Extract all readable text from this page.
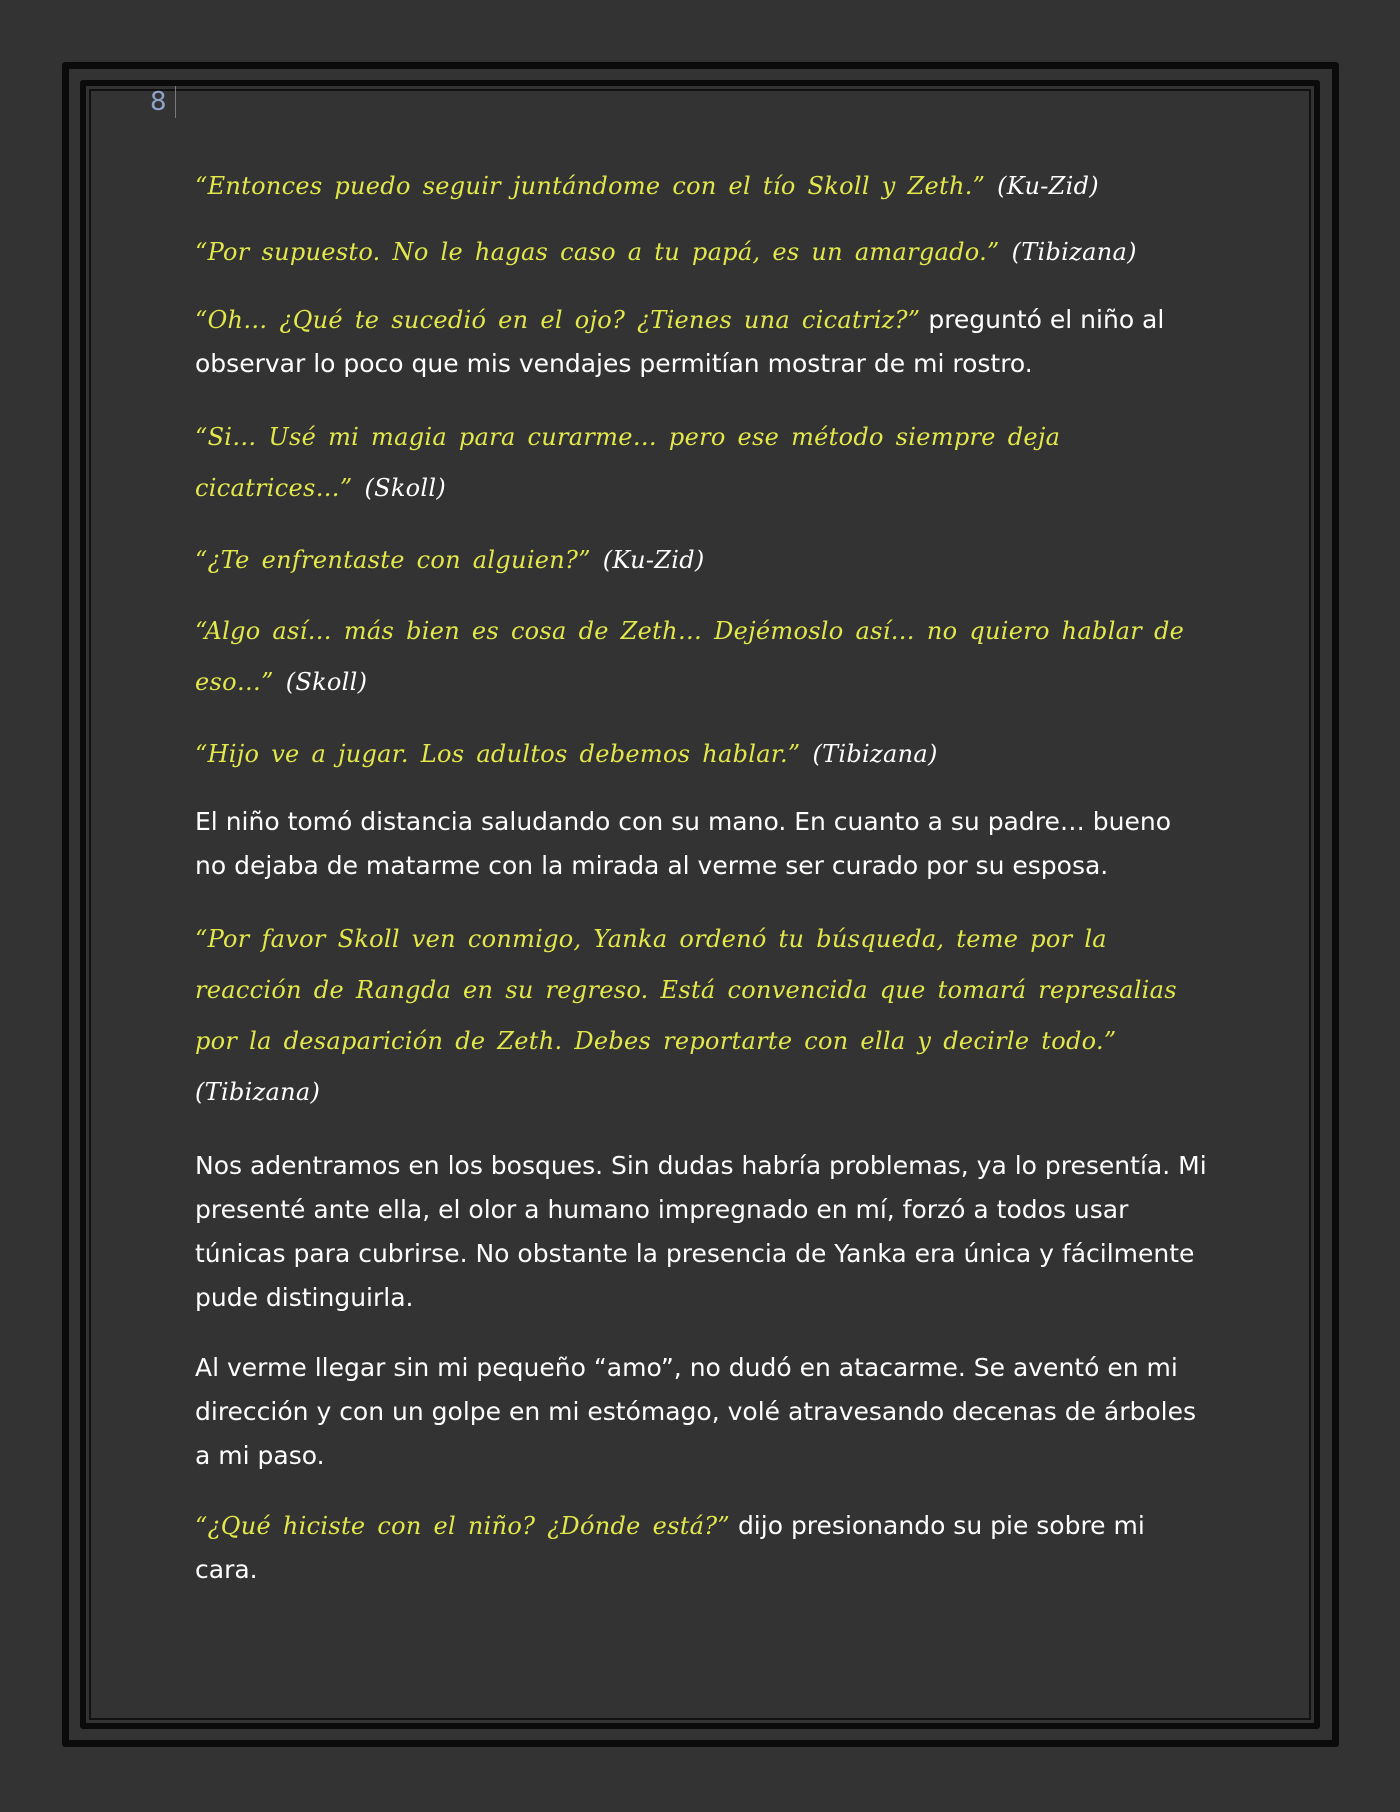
8

“Entonces puedo seguir juntándome con el tío Skoll y Zeth.” (Ku-Zid)

“Por supuesto. No le hagas caso a tu papá, es un amargado.” (Tibizana)

“Oh… ¿Qué te sucedió en el ojo? ¿Tienes una cicatriz?” preguntó el niño al observar lo poco que mis vendajes permitían mostrar de mi rostro.

“Si… Usé mi magia para curarme… pero ese método siempre deja cicatrices…” (Skoll)

“¿Te enfrentaste con alguien?” (Ku-Zid)

“Algo así… más bien es cosa de Zeth… Dejémoslo así… no quiero hablar de eso…” (Skoll)

“Hijo ve a jugar. Los adultos debemos hablar.” (Tibizana)

El niño tomó distancia saludando con su mano. En cuanto a su padre… bueno no dejaba de matarme con la mirada al verme ser curado por su esposa.

“Por favor Skoll ven conmigo, Yanka ordenó tu búsqueda, teme por la reacción de Rangda en su regreso. Está convencida que tomará represalias por la desaparición de Zeth. Debes reportarte con ella y decirle todo.” (Tibizana)

Nos adentramos en los bosques. Sin dudas habría problemas, ya lo presentía. Mi presenté ante ella, el olor a humano impregnado en mí, forzó a todos usar túnicas para cubrirse. No obstante la presencia de Yanka era única y fácilmente pude distinguirla.

Al verme llegar sin mi pequeño “amo”, no dudó en atacarme. Se aventó en mi dirección y con un golpe en mi estómago, volé atravesando decenas de árboles a mi paso.

“¿Qué hiciste con el niño? ¿Dónde está?” dijo presionando su pie sobre mi cara.
